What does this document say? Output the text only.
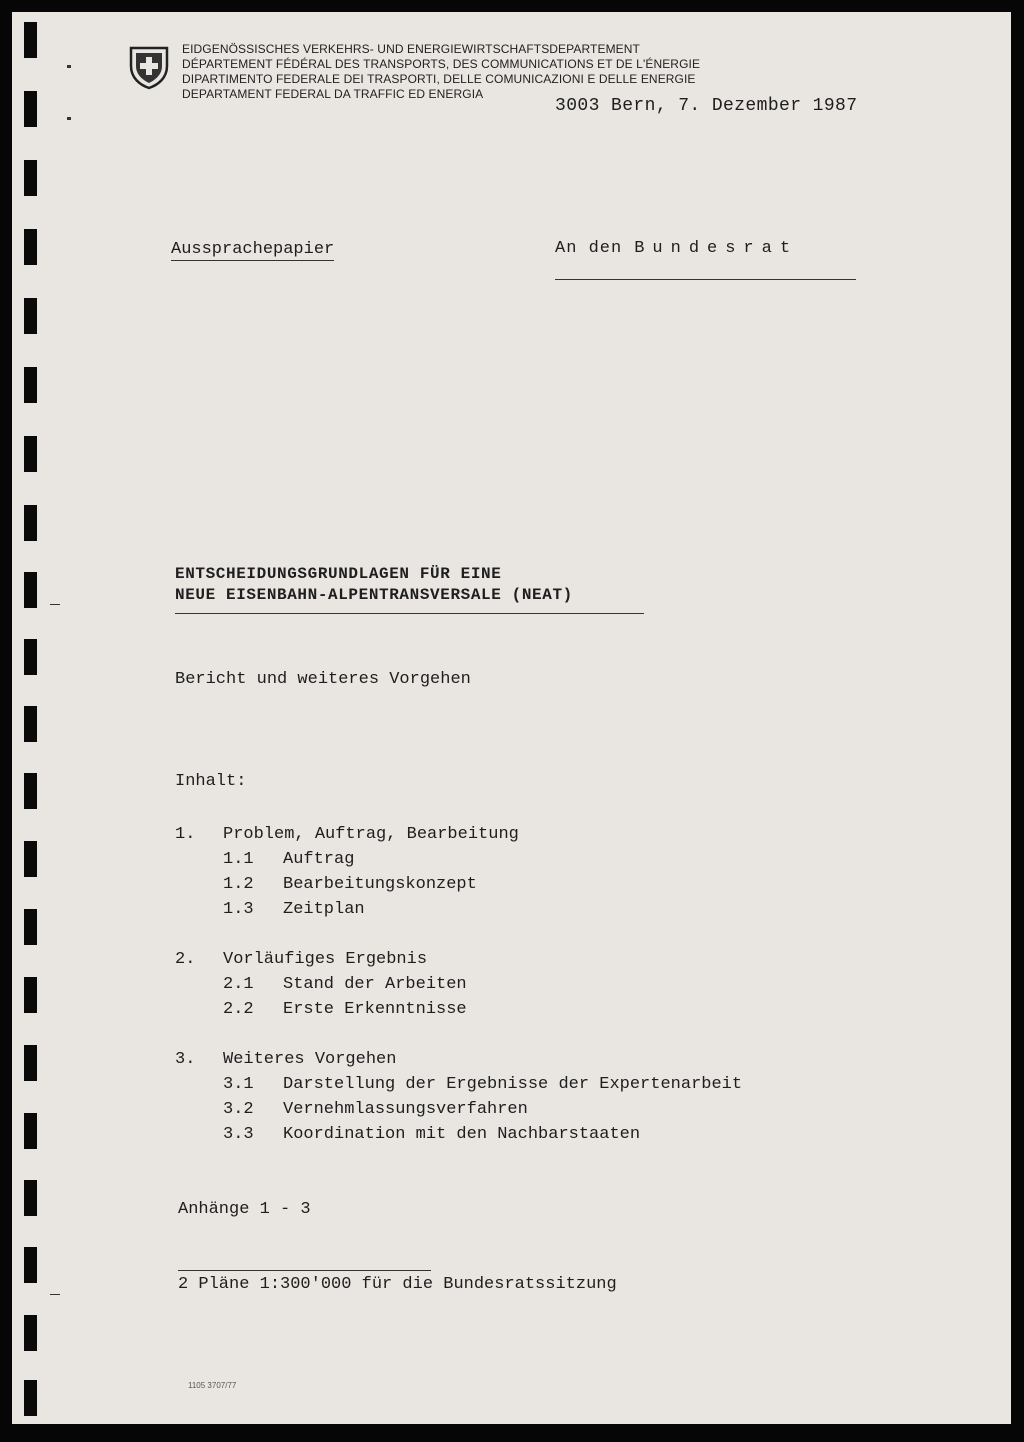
EIDGENÖSSISCHES VERKEHRS- UND ENERGIEWIRTSCHAFTSDEPARTEMENT
DÉPARTEMENT FÉDÉRAL DES TRANSPORTS, DES COMMUNICATIONS ET DE L'ÉNERGIE
DIPARTIMENTO FEDERALE DEI TRASPORTI, DELLE COMUNICAZIONI E DELLE ENERGIE
DEPARTAMENT FEDERAL DA TRAFFIC ED ENERGIA
3003 Bern, 7. Dezember 1987
Aussprachepapier	An den Bundesrat
ENTSCHEIDUNGSGRUNDLAGEN FÜR EINE
NEUE EISENBAHN-ALPENTRANSVERSALE (NEAT)
Bericht und weiteres Vorgehen
Inhalt:
1. Problem, Auftrag, Bearbeitung
1.1 Auftrag
1.2 Bearbeitungskonzept
1.3 Zeitplan
2. Vorläufiges Ergebnis
2.1 Stand der Arbeiten
2.2 Erste Erkenntnisse
3. Weiteres Vorgehen
3.1 Darstellung der Ergebnisse der Expertenarbeit
3.2 Vernehmlassungsverfahren
3.3 Koordination mit den Nachbarstaaten
Anhänge 1 - 3
2 Pläne 1:300'000 für die Bundesratssitzung
1105 3707/77
